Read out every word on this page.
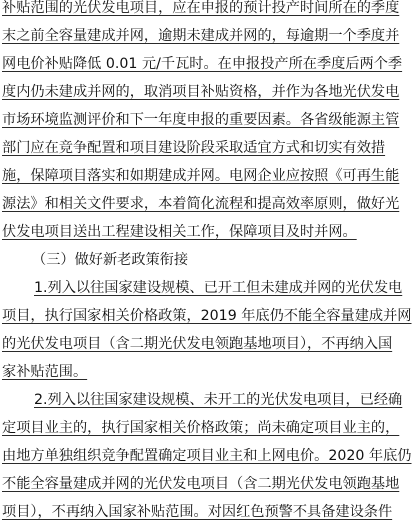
补贴范围的光伏发电项目，应在申报的预计投产时间所在的季度
末之前全容量建成并网，逾期未建成并网的，每逾期一个季度并
网电价补贴降低 0.01 元/千瓦时。在申报投产所在季度后两个季
度内仍未建成并网的，取消项目补贴资格，并作为各地光伏发电
市场环境监测评价和下一年度申报的重要因素。各省级能源主管
部门应在竞争配置和项目建设阶段采取适宜方式和切实有效措
施，保障项目落实和如期建成并网。电网企业应按照《可再生能
源法》和相关文件要求，本着简化流程和提高效率原则，做好光
伏发电项目送出工程建设相关工作，保障项目及时并网。
（三）做好新老政策衔接
1.列入以往国家建设规模、已开工但未建成并网的光伏发电
项目，执行国家相关价格政策，2019 年底仍不能全容量建成并网
的光伏发电项目（含二期光伏发电领跑基地项目），不再纳入国
家补贴范围。
2.列入以往国家建设规模、未开工的光伏发电项目，已经确
定项目业主的，执行国家相关价格政策；尚未确定项目业主的，
由地方单独组织竞争配置确定项目业主和上网电价。2020 年底仍
不能全容量建成并网的光伏发电项目（含二期光伏发电领跑基地
项目），不再纳入国家补贴范围。对因红色预警不具备建设条件
